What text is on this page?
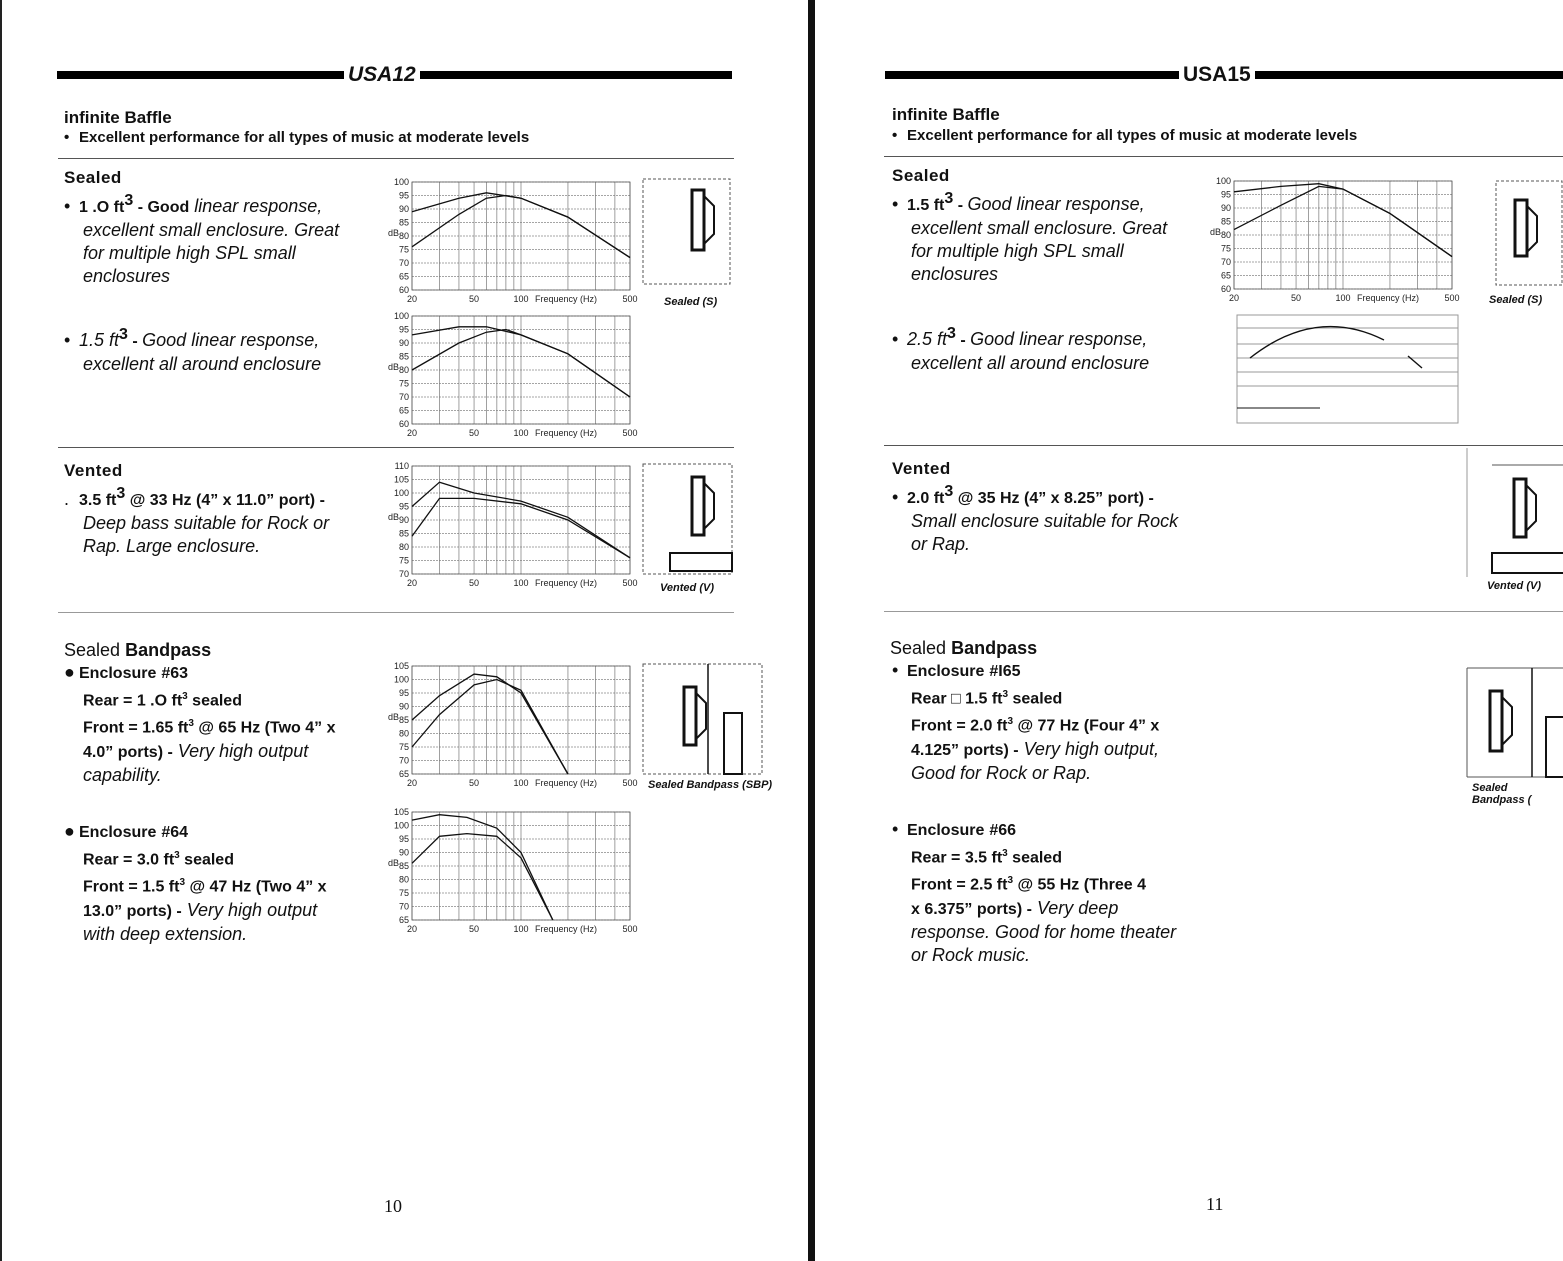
USA12
infinite Baffle
• Excellent performance for all types of music at moderate levels
Sealed
• 1 .O $ft^3$ - Good linear response,
excellent small enclosure. Great
for multiple high SPL small
enclosures
• 1.5 $ft^3$ - Good linear response,
excellent all around enclosure
Vented
. 3.5 $ft^3$ @ 33 Hz (4” x 11.0” port) -
Deep bass suitable for Rock or
Rap. Large enclosure.
Sealed Bandpass
● Enclosure #63
Rear = 1 .O $ft^3$ sealed
Front = 1.65 $ft^3$ @ 65 Hz (Two 4” x
4.0” ports) - Very high output
capability.
● Enclosure #64
Rear = 3.0 $ft^3$ sealed
Front = 1.5 $ft^3$ @ 47 Hz (Two 4” x
13.0” ports) - Very high output
with deep extension.
10
60
65
70
75
80
85
90
95
100
dB
20	50	100	500
Frequency (Hz)
60
65
70
75
80
85
90
95
100
dB
20	50	100	500
Frequency (Hz)
70
75
80
85
90
95
100
105
110
dB
20	50	100	500
Frequency (Hz)
65
70
75
80
85
90
95
100
105
dB
20	50	100	500
Frequency (Hz)
65
70
75
80
85
90
95
100
105
dB
20	50	100	500
Frequency (Hz)
Sealed (S)
Vented (V)
Sealed Bandpass (SBP)
USA15
infinite Baffle
• Excellent performance for all types of music at moderate levels
Sealed
• 1.5 $ft^3$ - Good linear response,
excellent small enclosure. Great
for multiple high SPL small
enclosures
• 2.5 $ft^3$ - Good linear response,
excellent all around enclosure
Vented
• 2.0 $ft^3$ @ 35 Hz (4” x 8.25” port) -
Small enclosure suitable for Rock
or Rap.
Sealed Bandpass
• Enclosure #I65
Rear □ 1.5 $ft^3$ sealed
Front = 2.0 $ft^3$ @ 77 Hz (Four 4” x
4.125” ports) - Very high output,
Good for Rock or Rap.
• Enclosure #66
Rear = 3.5 $ft^3$ sealed
Front = 2.5 $ft^3$ @ 55 Hz (Three 4
x 6.375” ports) - Very deep
response. Good for home theater
or Rock music.
11
60
65
70
75
80
85
90
95
100
dB
20	50	100	500
Frequency (Hz)	Sealed (S)
Vented (V)
Sealed Bandpass (
